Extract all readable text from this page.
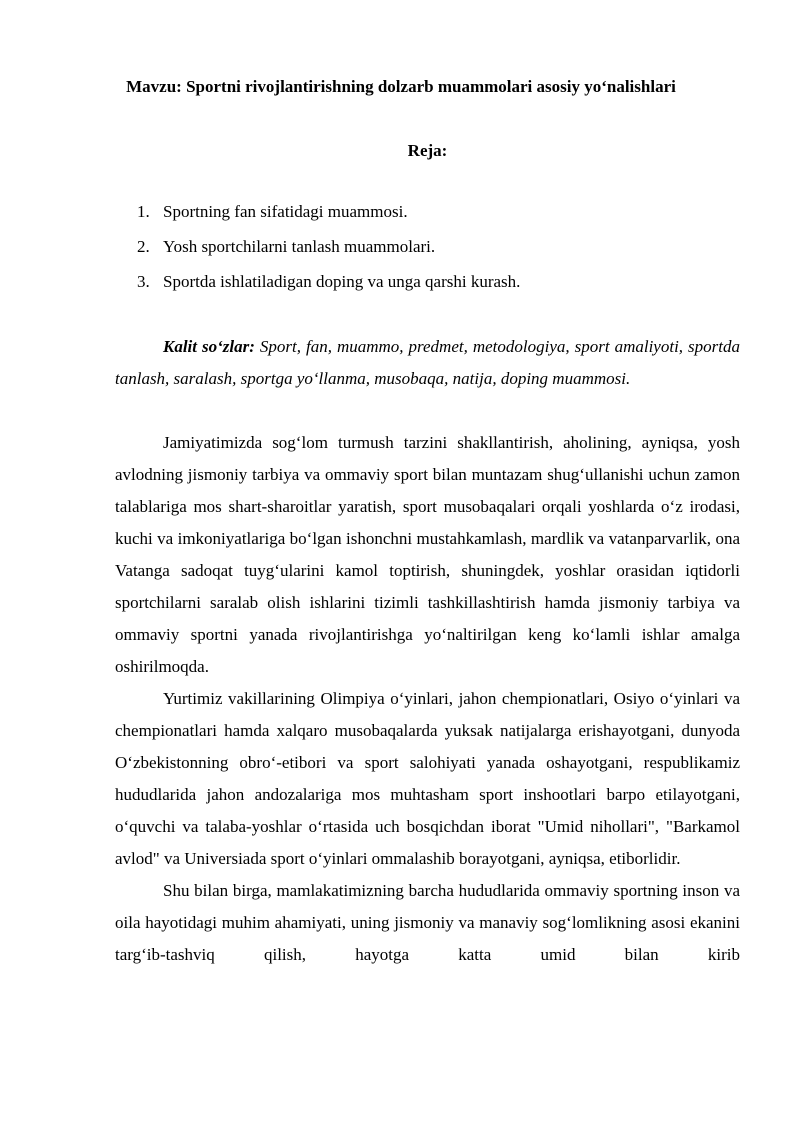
Mavzu: Sportni rivojlantirishning dolzarb muammolari asosiy yo‘nalishlari
Reja:
1. Sportning fan sifatidagi muammosi.
2. Yosh sportchilarni tanlash muammolari.
3. Sportda ishlatiladigan doping va unga qarshi kurash.

Kalit so‘zlar: Sport, fan, muammo, predmet, metodologiya, sport amaliyoti, sportda tanlash, saralash, sportga yo‘llanma, musobaqa, natija, doping muammosi.

Jamiyatimizda sog‘lom turmush tarzini shakllantirish, aholining, ayniqsa, yosh avlodning jismoniy tarbiya va ommaviy sport bilan muntazam shug‘ullanishi uchun zamon talablariga mos shart-sharoitlar yaratish, sport musobaqalari orqali yoshlarda o‘z irodasi, kuchi va imkoniyatlariga bo‘lgan ishonchni mustahkamlash, mardlik va vatanparvarlik, ona Vatanga sadoqat tuyg‘ularini kamol toptirish, shuningdek, yoshlar orasidan iqtidorli sportchilarni saralab olish ishlarini tizimli tashkillashtirish hamda jismoniy tarbiya va ommaviy sportni yanada rivojlantirishga yo‘naltirilgan keng ko‘lamli ishlar amalga oshirilmoqda.

Yurtimiz vakillarining Olimpiya o‘yinlari, jahon chempionatlari, Osiyo o‘yinlari va chempionatlari hamda xalqaro musobaqalarda yuksak natijalarga erishayotgani, dunyoda O‘zbekistonning obro‘-etibori va sport salohiyati yanada oshayotgani, respublikamiz hududlarida jahon andozalariga mos muhtasham sport inshootlari barpo etilayotgani, o‘quvchi va talaba-yoshlar o‘rtasida uch bosqichdan iborat "Umid nihollari", "Barkamol avlod" va Universiada sport o‘yinlari ommalashib borayotgani, ayniqsa, etiborlidir.

Shu bilan birga, mamlakatimizning barcha hududlarida ommaviy sportning inson va oila hayotidagi muhim ahamiyati, uning jismoniy va manaviy sog‘lomlikning asosi ekanini targ‘ib-tashviq qilish, hayotga katta umid bilan kirib
